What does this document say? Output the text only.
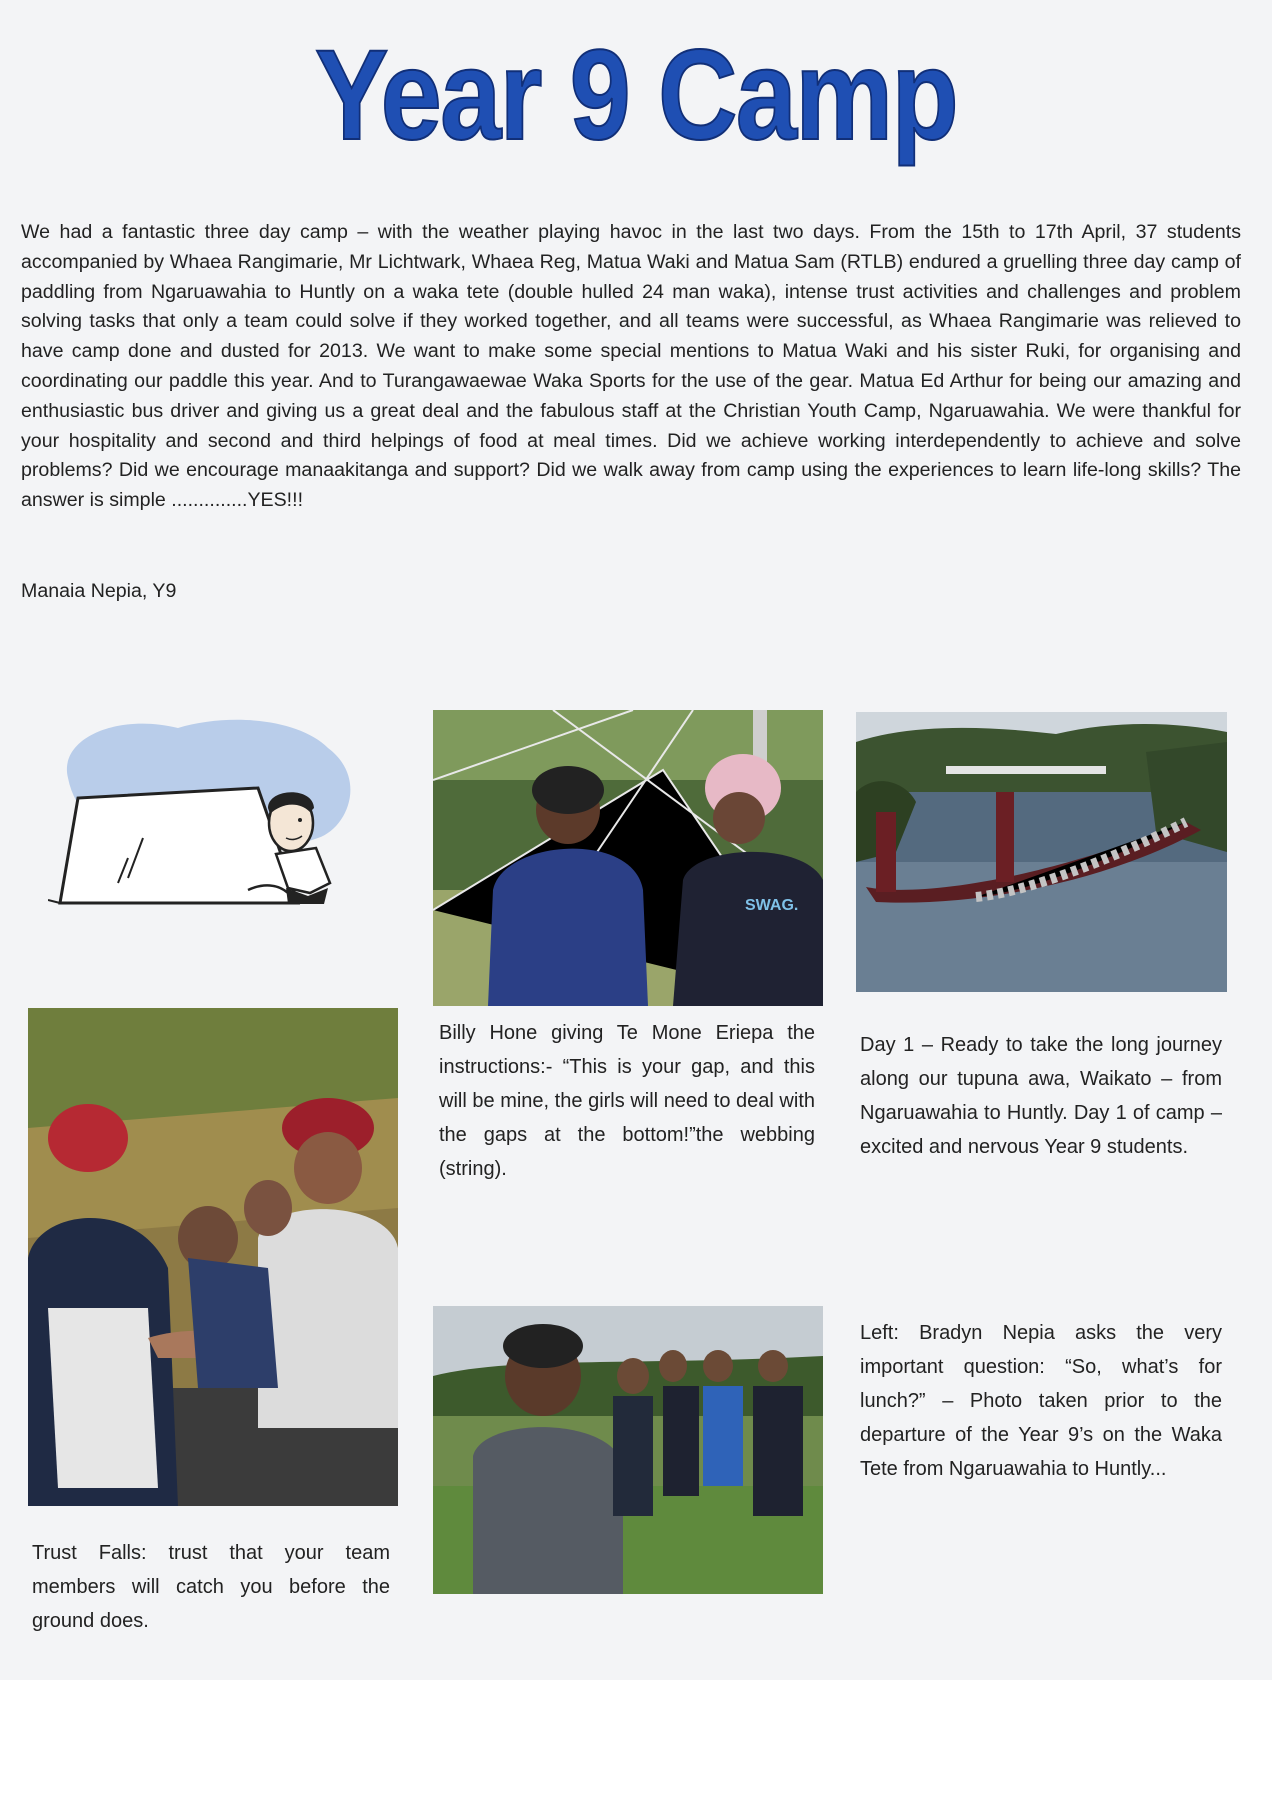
Year 9 Camp
We had a fantastic three day camp – with the weather playing havoc in the last two days. From the 15th to 17th April, 37 students accompanied by Whaea Rangimarie, Mr Lichtwark, Whaea Reg, Matua Waki and Matua Sam (RTLB) endured a gruelling three day camp of paddling from Ngaruawahia to Huntly on a waka tete (double hulled 24 man waka), intense trust activities and challenges and problem solving tasks that only a team could solve if they worked together, and all teams were successful, as Whaea Rangimarie was relieved to have camp done and dusted for 2013. We want to make some special mentions to Matua Waki and his sister Ruki, for organising and coordinating our paddle this year. And to Turangawaewae Waka Sports for the use of the gear. Matua Ed Arthur for being our amazing and enthusiastic bus driver and giving us a great deal and the fabulous staff at the Christian Youth Camp, Ngaruawahia. We were thankful for your hospitality and second and third helpings of food at meal times. Did we achieve working interdependently to achieve and solve problems? Did we encourage manaakitanga and support? Did we walk away from camp using the experiences to learn life-long skills? The answer is simple ..............YES!!!
Manaia Nepia, Y9
SWAG.
Billy Hone giving Te Mone Eriepa the instructions:- “This is your gap, and this will be mine, the girls will need to deal with the gaps at the bottom!”the webbing (string).
Day 1 – Ready to take the long journey along our tupuna awa, Waikato – from Ngaruawahia to Huntly. Day 1 of camp – excited and nervous Year 9 students.
Left: Bradyn Nepia asks the very important question: “So, what’s for lunch?” – Photo taken prior to the departure of the Year 9’s on the Waka Tete from Ngaruawahia to Huntly...
Trust Falls: trust that your team members will catch you before the ground does.
